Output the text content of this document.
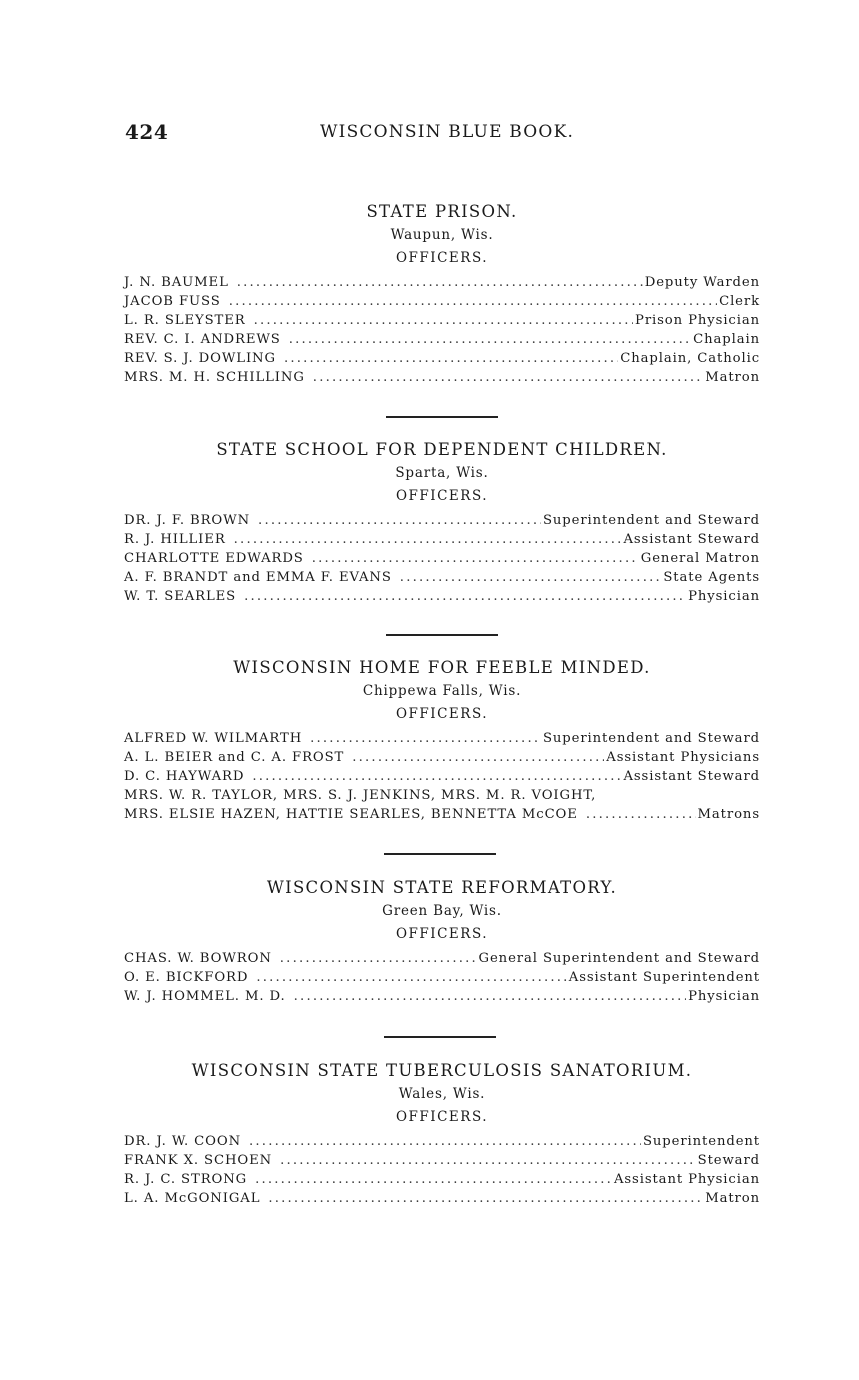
424	WISCONSIN BLUE BOOK.
STATE PRISON.
Waupun, Wis.
OFFICERS.
J. N. BAUMEL .....	Deputy Warden
JACOB FUSS .....	Clerk
L. R. SLEYSTER .....	Prison Physician
REV. C. I. ANDREWS .....	Chaplain
REV. S. J. DOWLING .....	Chaplain, Catholic
MRS. M. H. SCHILLING .....	Matron
STATE SCHOOL FOR DEPENDENT CHILDREN.
Sparta, Wis.
OFFICERS.
DR. J. F. BROWN .....	Superintendent and Steward
R. J. HILLIER .....	Assistant Steward
CHARLOTTE EDWARDS .....	General Matron
A. F. BRANDT and EMMA F. EVANS .....	State Agents
W. T. SEARLES .....	Physician
WISCONSIN HOME FOR FEEBLE MINDED.
Chippewa Falls, Wis.
OFFICERS.
ALFRED W. WILMARTH .....	Superintendent and Steward
A. L. BEIER and C. A. FROST .....	Assistant Physicians
D. C. HAYWARD .....	Assistant Steward
MRS. W. R. TAYLOR, MRS. S. J. JENKINS, MRS. M. R. VOIGHT,
MRS. ELSIE HAZEN, HATTIE SEARLES, BENNETTA McCOE .....	Matrons
WISCONSIN STATE REFORMATORY.
Green Bay, Wis.
OFFICERS.
CHAS. W. BOWRON .....	General Superintendent and Steward
O. E. BICKFORD .....	Assistant Superintendent
W. J. HOMMEL. M. D. .....	Physician
WISCONSIN STATE TUBERCULOSIS SANATORIUM.
Wales, Wis.
OFFICERS.
DR. J. W. COON .....	Superintendent
FRANK X. SCHOEN .....	Steward
R. J. C. STRONG .....	Assistant Physician
L. A. McGONIGAL .....	Matron
